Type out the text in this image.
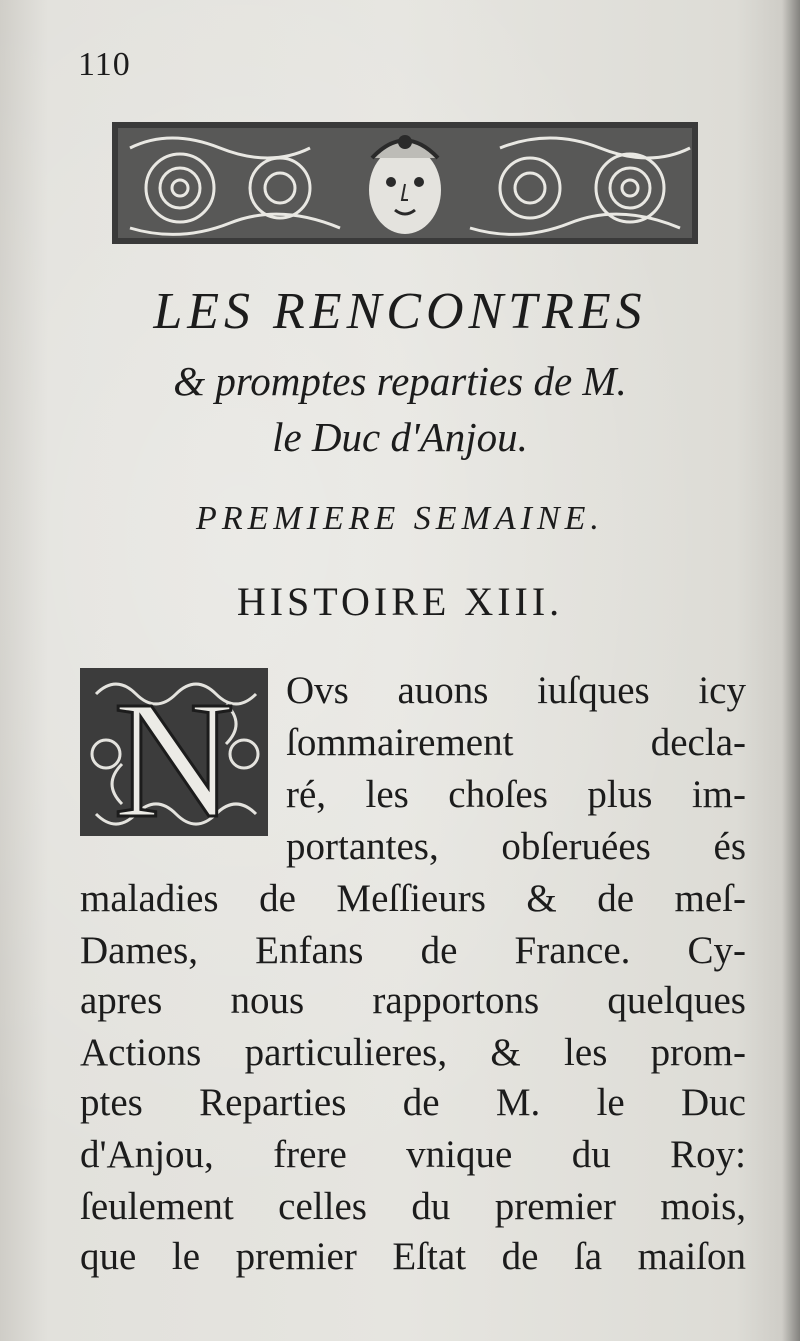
110
LES RENCONTRES
& promptes reparties de M.
le Duc d'Anjou.
PREMIERE SEMAINE.
HISTOIRE XIII.
N Ovs auons iuſques icy
ſommairement decla-
ré, les choſes plus im-
portantes, obſeruées és
maladies de Meſſieurs & de meſ-
Dames, Enfans de France. Cy-
apres nous rapportons quelques
Actions particulieres, & les prom-
ptes Reparties de M. le Duc
d'Anjou, frere vnique du Roy:
ſeulement celles du premier mois,
que le premier Eſtat de ſa maiſon
